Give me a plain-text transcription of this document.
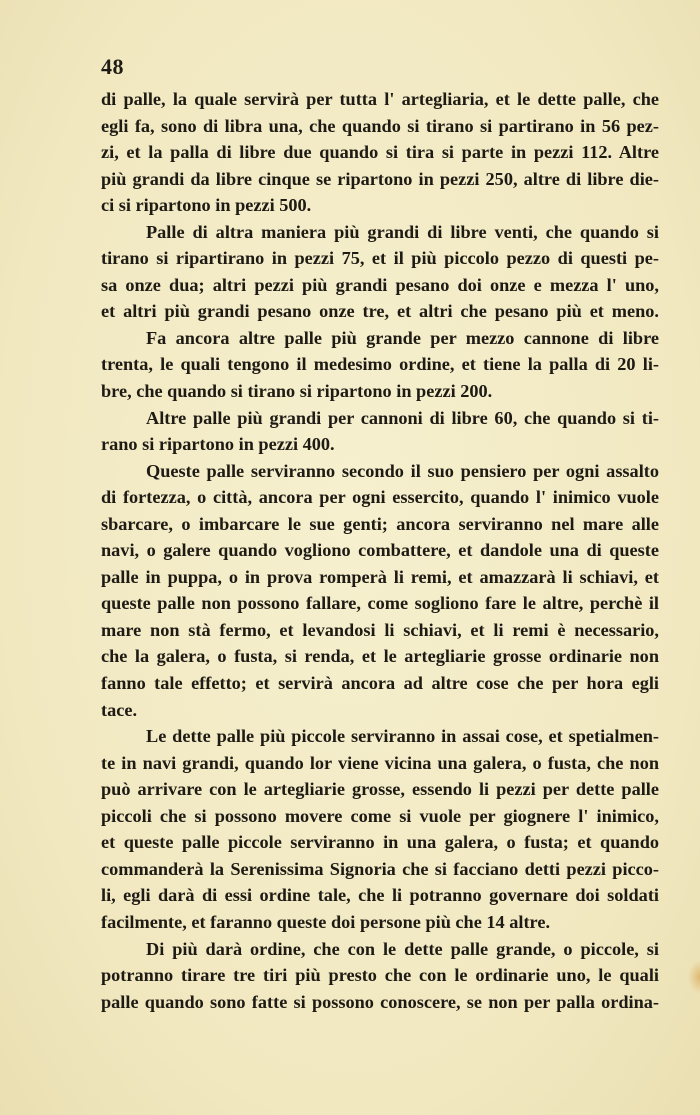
48
di palle, la quale servirà per tutta l' artegliaria, et le dette palle, che
egli fa, sono di libra una, che quando si tirano si partirano in 56 pez-
zi, et la palla di libre due quando si tira si parte in pezzi 112. Altre
più grandi da libre cinque se ripartono in pezzi 250, altre di libre die-
ci si ripartono in pezzi 500.
Palle di altra maniera più grandi di libre venti, che quando si
tirano si ripartirano in pezzi 75, et il più piccolo pezzo di questi pe-
sa onze dua; altri pezzi più grandi pesano doi onze e mezza l' uno,
et altri più grandi pesano onze tre, et altri che pesano più et meno.
Fa ancora altre palle più grande per mezzo cannone di libre
trenta, le quali tengono il medesimo ordine, et tiene la palla di 20 li-
bre, che quando si tirano si ripartono in pezzi 200.
Altre palle più grandi per cannoni di libre 60, che quando si ti-
rano si ripartono in pezzi 400.
Queste palle serviranno secondo il suo pensiero per ogni assalto
di fortezza, o città, ancora per ogni essercito, quando l' inimico vuole
sbarcare, o imbarcare le sue genti; ancora serviranno nel mare alle
navi, o galere quando vogliono combattere, et dandole una di queste
palle in puppa, o in prova romperà li remi, et amazzarà li schiavi, et
queste palle non possono fallare, come sogliono fare le altre, perchè il
mare non stà fermo, et levandosi li schiavi, et li remi è necessario,
che la galera, o fusta, si renda, et le artegliarie grosse ordinarie non
fanno tale effetto; et servirà ancora ad altre cose che per hora egli
tace.
Le dette palle più piccole serviranno in assai cose, et spetialmen-
te in navi grandi, quando lor viene vicina una galera, o fusta, che non
può arrivare con le artegliarie grosse, essendo li pezzi per dette palle
piccoli che si possono movere come si vuole per giognere l' inimico,
et queste palle piccole serviranno in una galera, o fusta; et quando
commanderà la Serenissima Signoria che si facciano detti pezzi picco-
li, egli darà di essi ordine tale, che li potranno governare doi soldati
facilmente, et faranno queste doi persone più che 14 altre.
Di più darà ordine, che con le dette palle grande, o piccole, si
potranno tirare tre tiri più presto che con le ordinarie uno, le quali
palle quando sono fatte si possono conoscere, se non per palla ordina-
